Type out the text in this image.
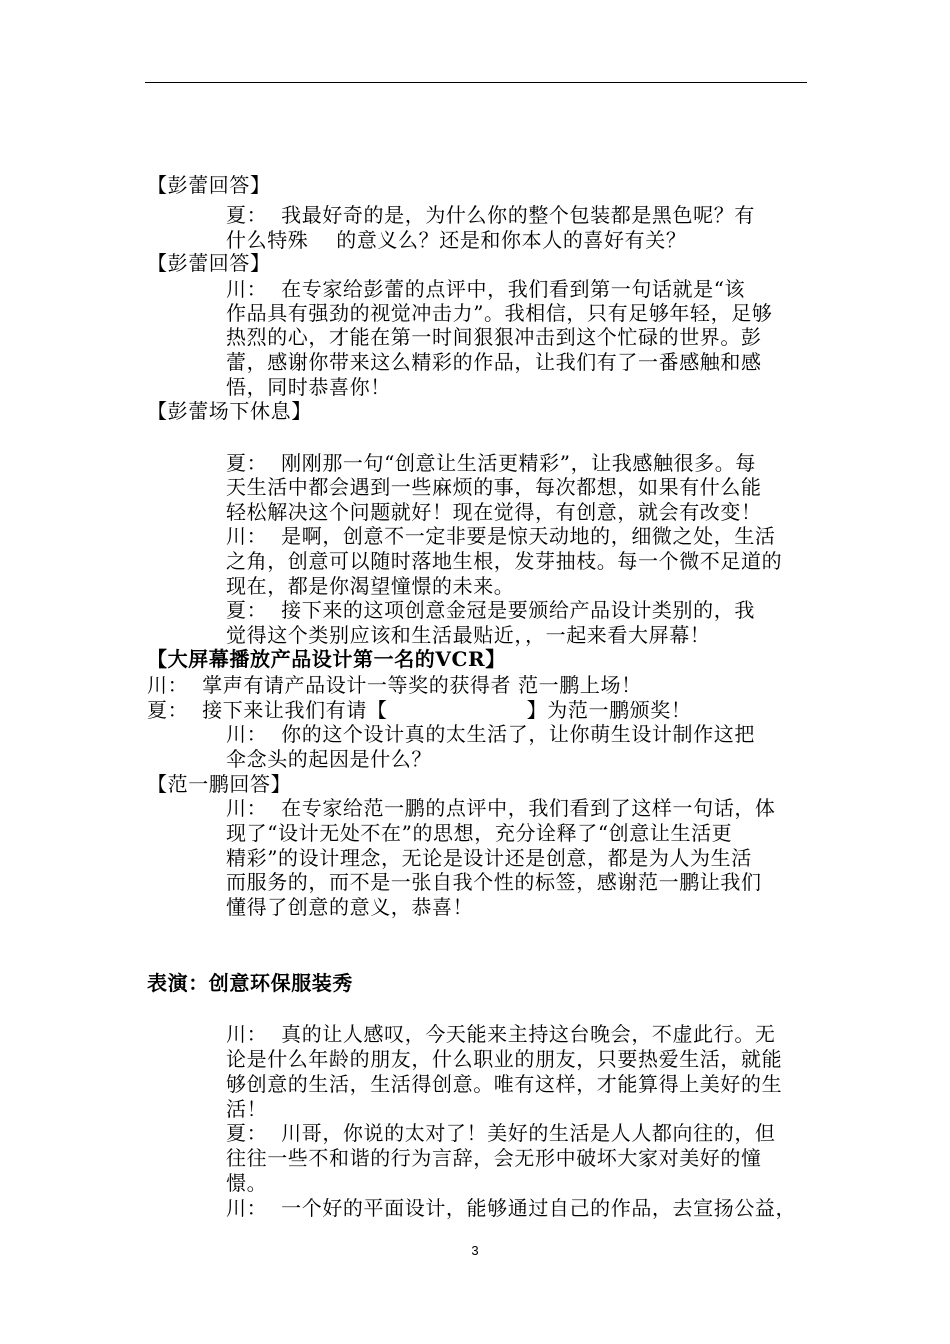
【彭蕾回答】
夏：  我最好奇的是，为什么你的整个包装都是黑色呢？有
什么特殊    的意义么？还是和你本人的喜好有关？
【彭蕾回答】
川：  在专家给彭蕾的点评中，我们看到第一句话就是“该
作品具有强劲的视觉冲击力”。我相信，只有足够年轻，足够
热烈的心，才能在第一时间狠狠冲击到这个忙碌的世界。彭
蕾，感谢你带来这么精彩的作品，让我们有了一番感触和感
悟，同时恭喜你！
【彭蕾场下休息】
夏：  刚刚那一句“创意让生活更精彩”，让我感触很多。每
天生活中都会遇到一些麻烦的事，每次都想，如果有什么能
轻松解决这个问题就好！现在觉得，有创意，就会有改变！
川：  是啊，创意不一定非要是惊天动地的，细微之处，生活
之角，创意可以随时落地生根，发芽抽枝。每一个微不足道的
现在，都是你渴望憧憬的未来。
夏：  接下来的这项创意金冠是要颁给产品设计类别的，我
觉得这个类别应该和生活最贴近，，一起来看大屏幕！
【大屏幕播放产品设计第一名的VCR】
川：  掌声有请产品设计一等奖的获得者 范一鹏上场！
夏：  接下来让我们有请【                    】为范一鹏颁奖！
川：  你的这个设计真的太生活了，让你萌生设计制作这把
伞念头的起因是什么？
【范一鹏回答】
川：  在专家给范一鹏的点评中，我们看到了这样一句话，体
现了“设计无处不在”的思想，充分诠释了“创意让生活更
精彩”的设计理念，无论是设计还是创意，都是为人为生活
而服务的，而不是一张自我个性的标签，感谢范一鹏让我们
懂得了创意的意义，恭喜！
表演：创意环保服装秀
川：  真的让人感叹，今天能来主持这台晚会，不虚此行。无
论是什么年龄的朋友，什么职业的朋友，只要热爱生活，就能
够创意的生活，生活得创意。唯有这样，才能算得上美好的生
活！
夏：  川哥，你说的太对了！美好的生活是人人都向往的，但
往往一些不和谐的行为言辞，会无形中破坏大家对美好的憧
憬。
川：  一个好的平面设计，能够通过自己的作品，去宣扬公益，
3
